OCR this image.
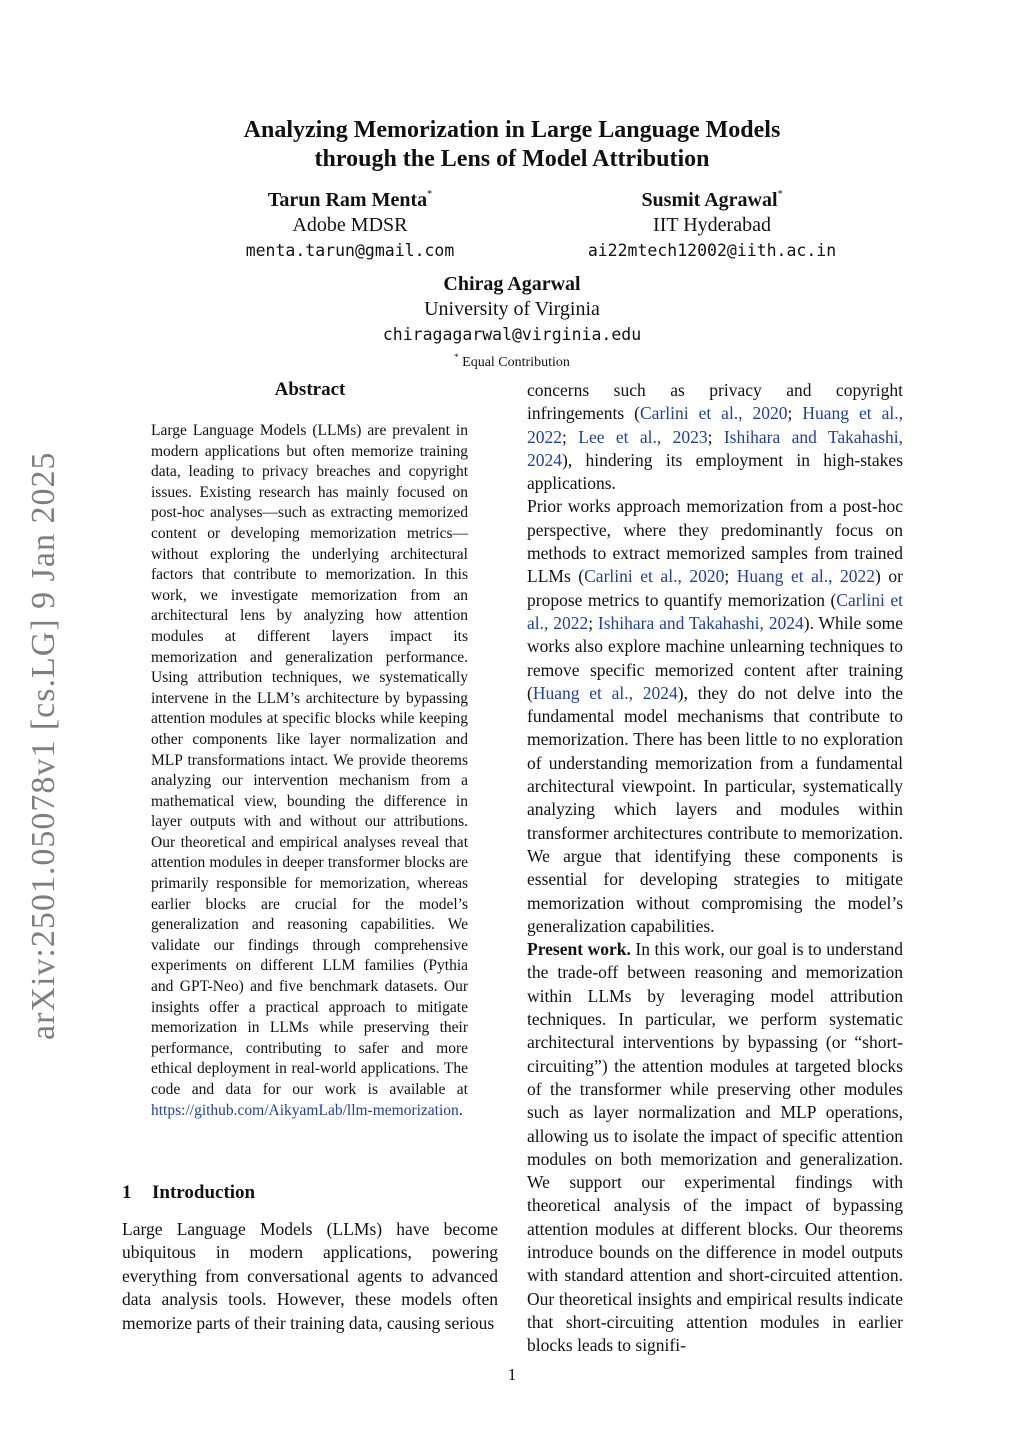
arXiv:2501.05078v1 [cs.LG] 9 Jan 2025
Analyzing Memorization in Large Language Models
through the Lens of Model Attribution
Tarun Ram Menta*
Adobe MDSR
menta.tarun@gmail.com
Susmit Agrawal*
IIT Hyderabad
ai22mtech12002@iith.ac.in
Chirag Agarwal
University of Virginia
chiragagarwal@virginia.edu
* Equal Contribution
Abstract
Large Language Models (LLMs) are prevalent in modern applications but often memorize training data, leading to privacy breaches and copyright issues. Existing research has mainly focused on post-hoc analyses—such as extracting memorized content or developing memorization metrics—without exploring the underlying architectural factors that contribute to memorization. In this work, we investigate memorization from an architectural lens by analyzing how attention modules at different layers impact its memorization and generalization performance. Using attribution techniques, we systematically intervene in the LLM’s architecture by bypassing attention modules at specific blocks while keeping other components like layer normalization and MLP transformations intact. We provide theorems analyzing our intervention mechanism from a mathematical view, bounding the difference in layer outputs with and without our attributions. Our theoretical and empirical analyses reveal that attention modules in deeper transformer blocks are primarily responsible for memorization, whereas earlier blocks are crucial for the model’s generalization and reasoning capabilities. We validate our findings through comprehensive experiments on different LLM families (Pythia and GPT-Neo) and five benchmark datasets. Our insights offer a practical approach to mitigate memorization in LLMs while preserving their performance, contributing to safer and more ethical deployment in real-world applications. The code and data for our work is available at https://github.com/AikyamLab/llm-memorization.
1 Introduction
Large Language Models (LLMs) have become ubiquitous in modern applications, powering everything from conversational agents to advanced data analysis tools. However, these models often memorize parts of their training data, causing serious

concerns such as privacy and copyright infringements (Carlini et al., 2020; Huang et al., 2022; Lee et al., 2023; Ishihara and Takahashi, 2024), hindering its employment in high-stakes applications.

Prior works approach memorization from a post-hoc perspective, where they predominantly focus on methods to extract memorized samples from trained LLMs (Carlini et al., 2020; Huang et al., 2022) or propose metrics to quantify memorization (Carlini et al., 2022; Ishihara and Takahashi, 2024). While some works also explore machine unlearning techniques to remove specific memorized content after training (Huang et al., 2024), they do not delve into the fundamental model mechanisms that contribute to memorization. There has been little to no exploration of understanding memorization from a fundamental architectural viewpoint. In particular, systematically analyzing which layers and modules within transformer architectures contribute to memorization. We argue that identifying these components is essential for developing strategies to mitigate memorization without compromising the model’s generalization capabilities.

Present work. In this work, our goal is to understand the trade-off between reasoning and memorization within LLMs by leveraging model attribution techniques. In particular, we perform systematic architectural interventions by bypassing (or “short-circuiting”) the attention modules at targeted blocks of the transformer while preserving other modules such as layer normalization and MLP operations, allowing us to isolate the impact of specific attention modules on both memorization and generalization. We support our experimental findings with theoretical analysis of the impact of bypassing attention modules at different blocks. Our theorems introduce bounds on the difference in model outputs with standard attention and short-circuited attention. Our theoretical insights and empirical results indicate that short-circuiting attention modules in earlier blocks leads to signifi-

1
